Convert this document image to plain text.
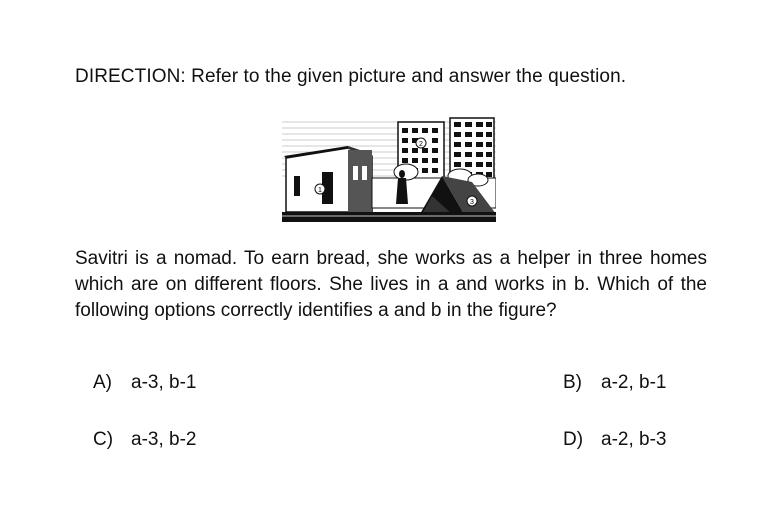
DIRECTION: Refer to the given picture and answer the question.
2
1
3
Savitri is a nomad. To earn bread, she works as a helper in three homes which are on different floors. She lives in a and works in b. Which of the following options correctly identifies a and b in the figure?
A) a-3, b-1	B) a-2, b-1
C) a-3, b-2	D) a-2, b-3
